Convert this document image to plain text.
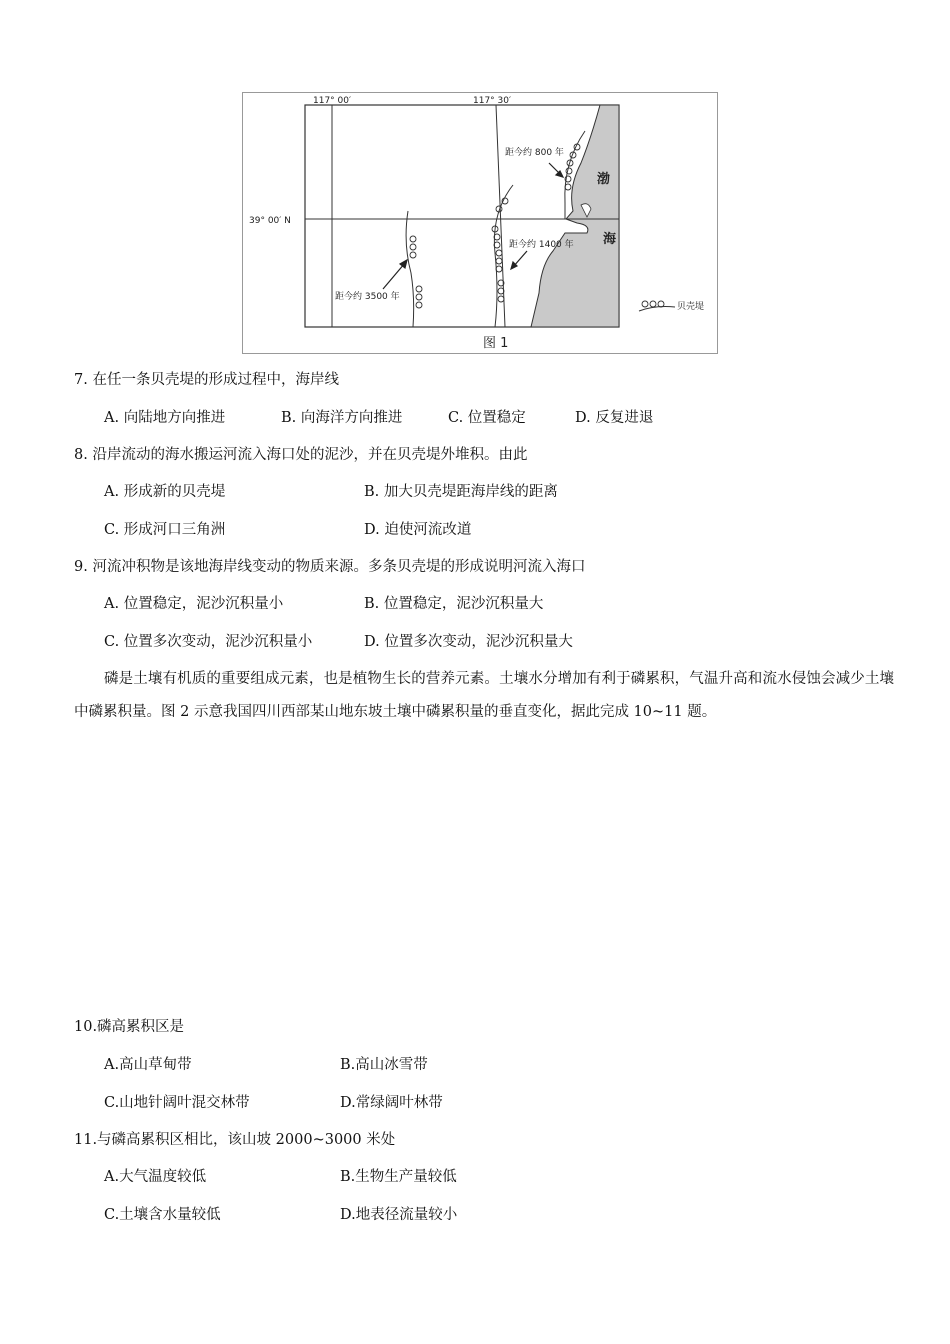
117° 00′	117° 30′
39° 00′ N
距今约 800 年
距今约 1400 年
距今约 3500 年
渤
海
贝壳堤
图 1
7. 在任一条贝壳堤的形成过程中，海岸线
A. 向陆地方向推进	B. 向海洋方向推进	C. 位置稳定	D. 反复进退
8. 沿岸流动的海水搬运河流入海口处的泥沙，并在贝壳堤外堆积。由此
A. 形成新的贝壳堤	B. 加大贝壳堤距海岸线的距离
C. 形成河口三角洲	D. 迫使河流改道
9. 河流冲积物是该地海岸线变动的物质来源。多条贝壳堤的形成说明河流入海口
A. 位置稳定，泥沙沉积量小	B. 位置稳定，泥沙沉积量大
C. 位置多次变动，泥沙沉积量小	D. 位置多次变动，泥沙沉积量大
磷是土壤有机质的重要组成元素，也是植物生长的营养元素。土壤水分增加有利于磷累积，气温升高和流水侵蚀会减少土壤中磷累积量。图 2 示意我国四川西部某山地东坡土壤中磷累积量的垂直变化，据此完成 10~11 题。
10.磷高累积区是
A.高山草甸带	B.高山冰雪带
C.山地针阔叶混交林带	D.常绿阔叶林带
11.与磷高累积区相比，该山坡 2000~3000 米处
A.大气温度较低	B.生物生产量较低
C.土壤含水量较低	D.地表径流量较小
